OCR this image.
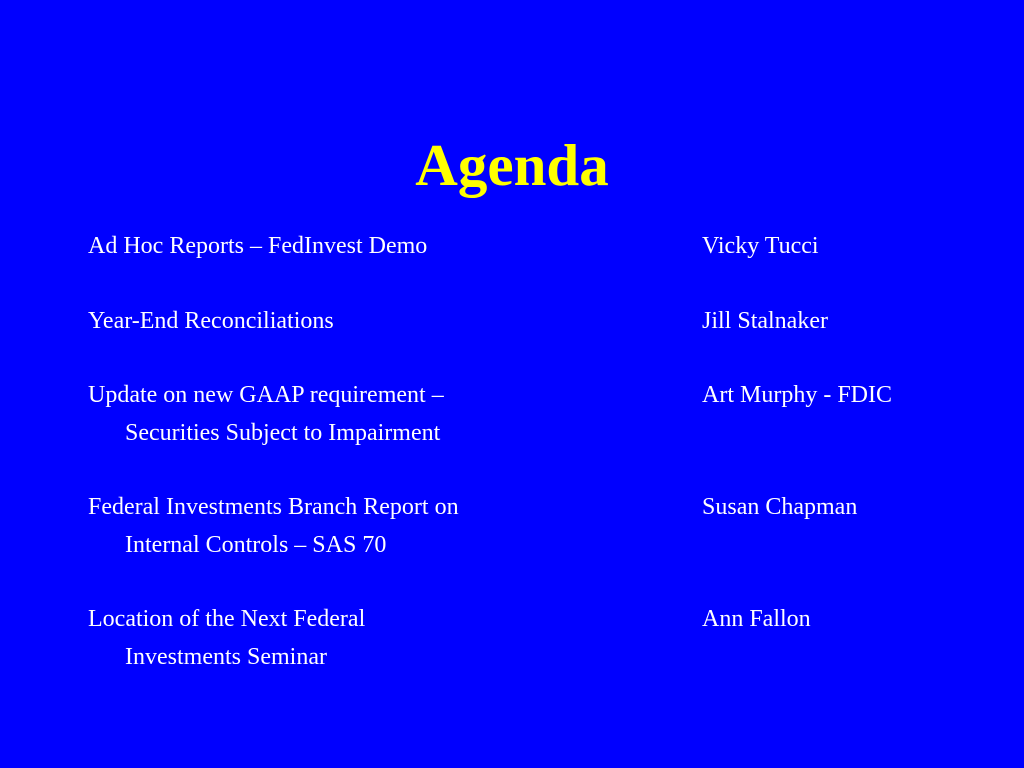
Agenda
Ad Hoc Reports – FedInvest Demo	Vicky Tucci
Year-End Reconciliations	Jill Stalnaker
Update on new GAAP requirement –
Securities Subject to Impairment
Art Murphy - FDIC
Federal Investments Branch Report on
Internal Controls – SAS 70
Susan Chapman
Location of the Next Federal
Investments Seminar
Ann Fallon
